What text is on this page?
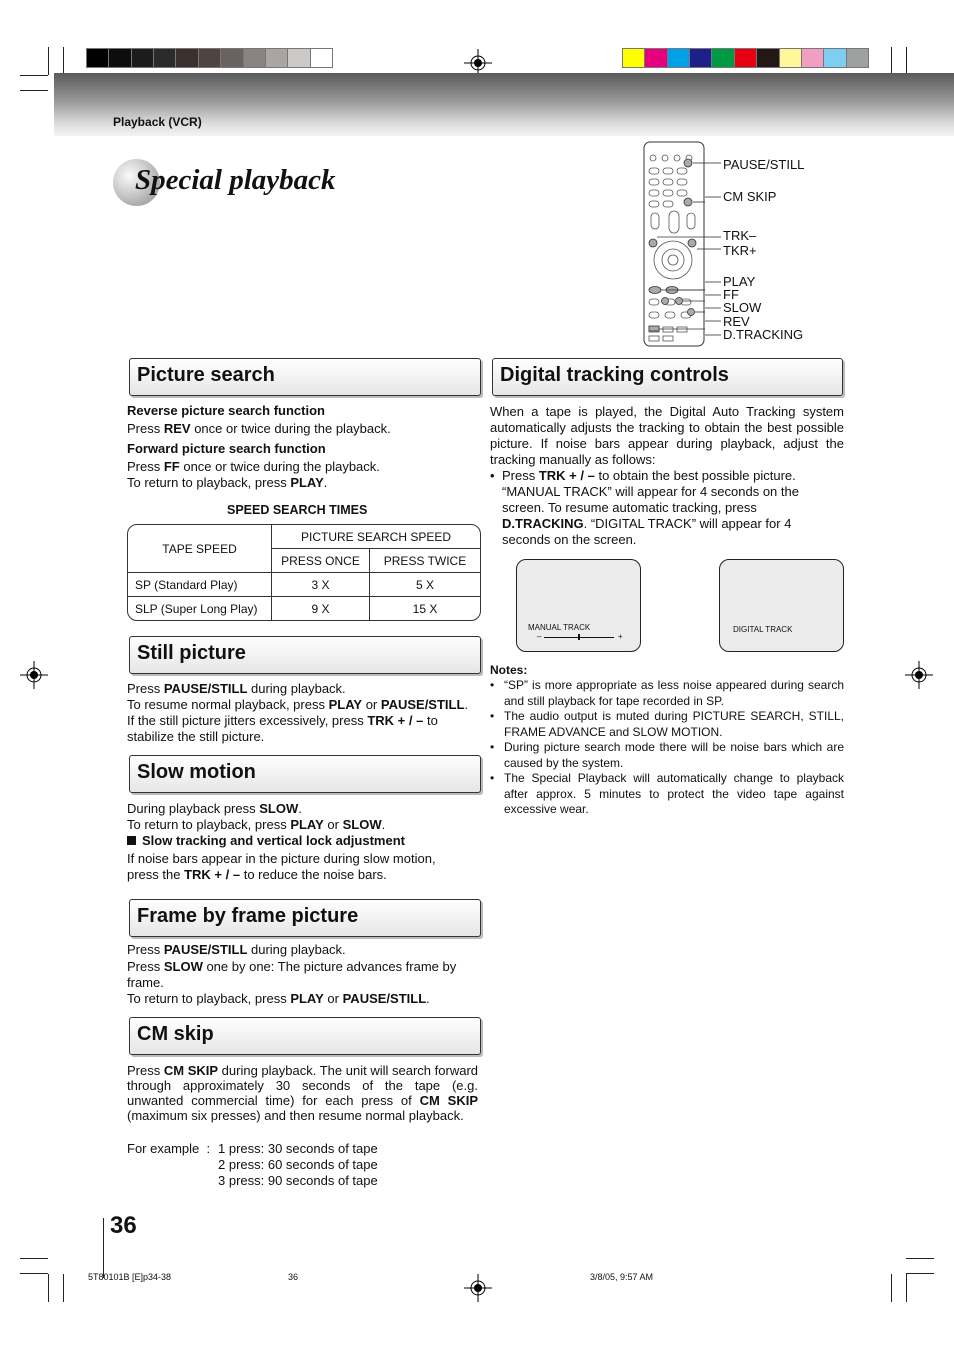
Playback (VCR)
Special playback	PAUSE/STILL
CM SKIP
TRK–
TKR+
PLAY
FF
SLOW
REV
D.TRACKING
Picture search
Reverse picture search function
Press REV once or twice during the playback.
Forward picture search function
Press FF once or twice during the playback.
To return to playback, press PLAY.
SPEED SEARCH TIMES
TAPE SPEED	PICTURE SEARCH SPEED	
	PRESS ONCE	PRESS TWICE
SP (Standard Play)	3 X	5 X
SLP (Super Long Play)	9 X	15 X
Still picture
Press PAUSE/STILL during playback.
To resume normal playback, press PLAY or PAUSE/STILL.
If the still picture jitters excessively, press TRK + / – to
stabilize the still picture.
Slow motion
During playback press SLOW.
To return to playback, press PLAY or SLOW.
Slow tracking and vertical lock adjustment
If noise bars appear in the picture during slow motion,
press the TRK + / – to reduce the noise bars.
Frame by frame picture
Press PAUSE/STILL during playback.
Press SLOW one by one: The picture advances frame by frame.
To return to playback, press PLAY or PAUSE/STILL.
CM skip
Press CM SKIP during playback. The unit will search forward through approximately 30 seconds of the tape (e.g. unwanted commercial time) for each press of CM SKIP (maximum six presses) and then resume normal playback.
For example  : 1 press: 30 seconds of tape
2 press: 60 seconds of tape
3 press: 90 seconds of tape
Digital tracking controls
When a tape is played, the Digital Auto Tracking system automatically adjusts the tracking to obtain the best possible picture. If noise bars appear during playback, adjust the tracking manually as follows:
• Press TRK + / – to obtain the best possible picture. “MANUAL TRACK” will appear for 4 seconds on the screen. To resume automatic tracking, press D.TRACKING. “DIGITAL TRACK” will appear for 4 seconds on the screen.
MANUAL TRACK
–	+
DIGITAL TRACK
Notes:
• “SP” is more appropriate as less noise appeared during search and still playback for tape recorded in SP.
• The audio output is muted during PICTURE SEARCH, STILL, FRAME ADVANCE and SLOW MOTION.
• During picture search mode there will be noise bars which are caused by the system.
• The Special Playback will automatically change to playback after approx. 5 minutes to protect the video tape against excessive wear.
36
5T80101B [E]p34-38	36	3/8/05, 9:57 AM
